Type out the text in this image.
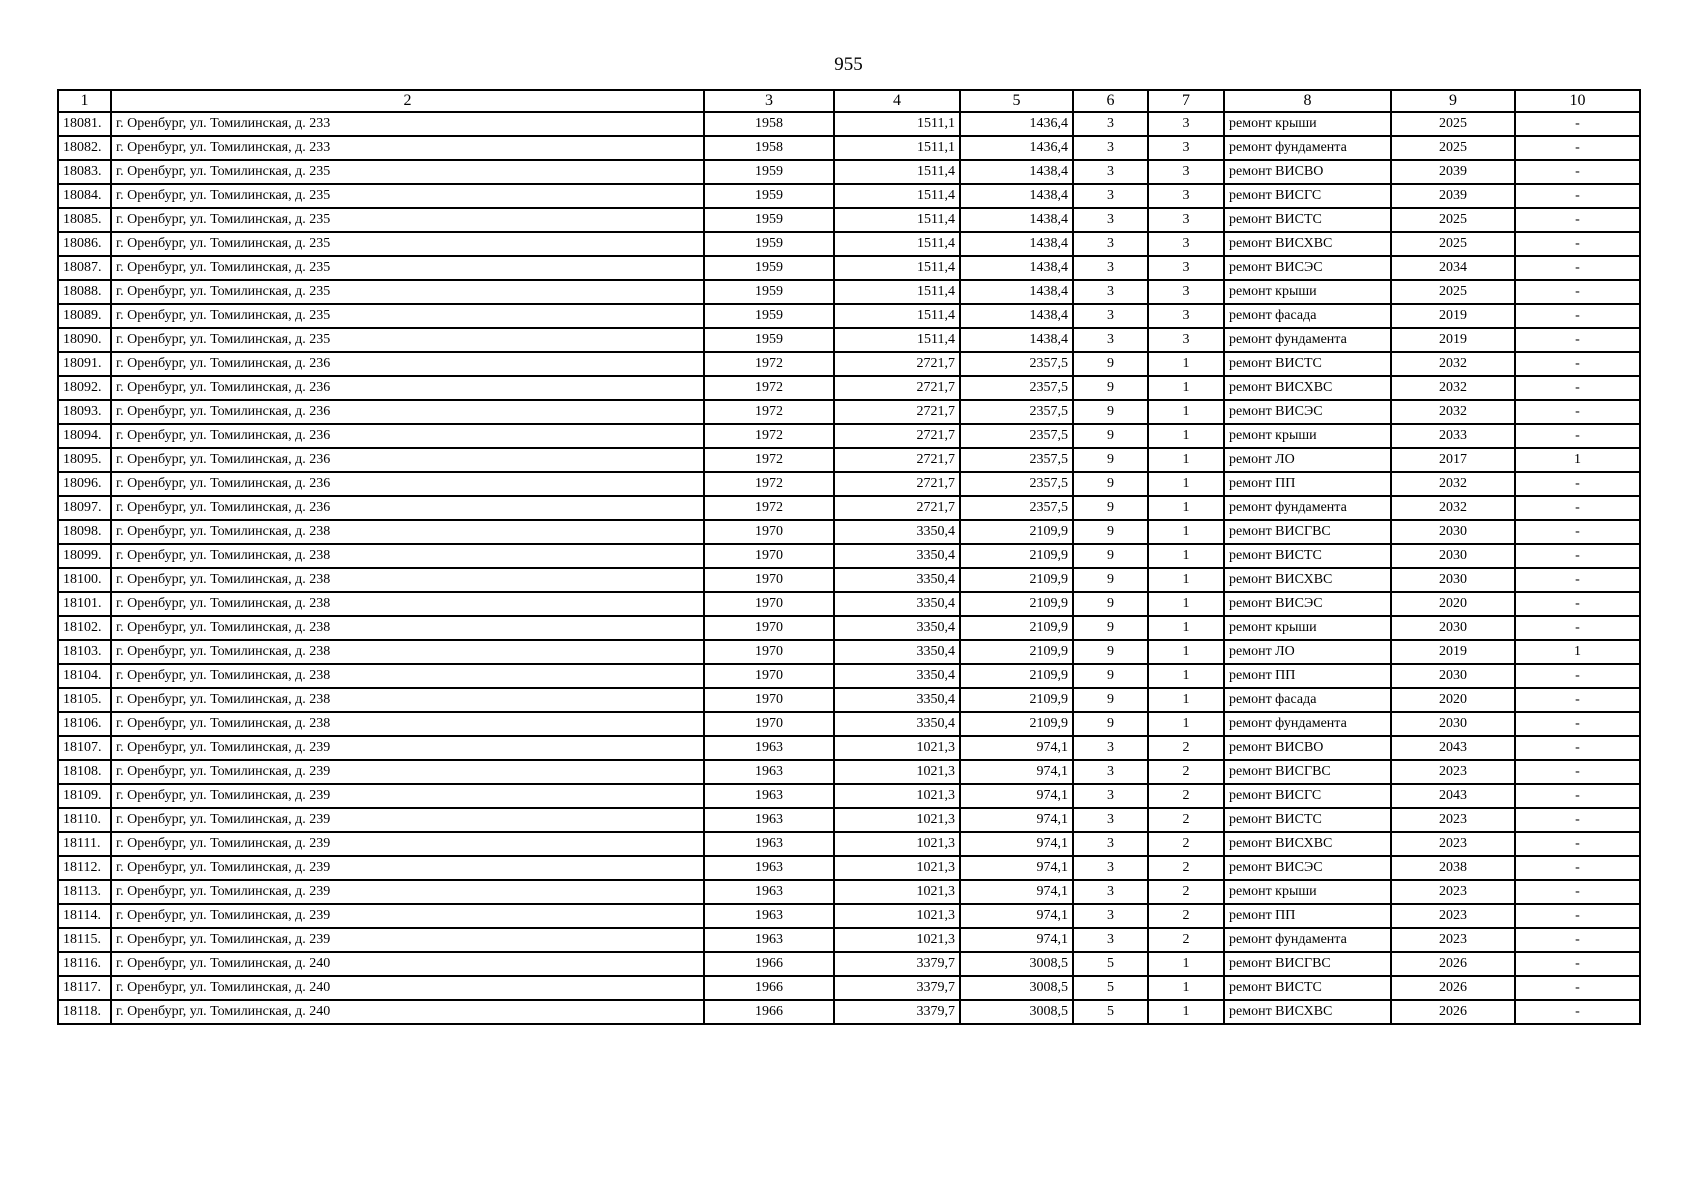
955
1	2	3	4	5	6	7	8	9	10
18081.	г. Оренбург, ул. Томилинская, д. 233	1958	1511,1	1436,4	3	3	ремонт крыши	2025	-
18082.	г. Оренбург, ул. Томилинская, д. 233	1958	1511,1	1436,4	3	3	ремонт фундамента	2025	-
18083.	г. Оренбург, ул. Томилинская, д. 235	1959	1511,4	1438,4	3	3	ремонт ВИСВО	2039	-
18084.	г. Оренбург, ул. Томилинская, д. 235	1959	1511,4	1438,4	3	3	ремонт ВИСГС	2039	-
18085.	г. Оренбург, ул. Томилинская, д. 235	1959	1511,4	1438,4	3	3	ремонт ВИСТС	2025	-
18086.	г. Оренбург, ул. Томилинская, д. 235	1959	1511,4	1438,4	3	3	ремонт ВИСХВС	2025	-
18087.	г. Оренбург, ул. Томилинская, д. 235	1959	1511,4	1438,4	3	3	ремонт ВИСЭС	2034	-
18088.	г. Оренбург, ул. Томилинская, д. 235	1959	1511,4	1438,4	3	3	ремонт крыши	2025	-
18089.	г. Оренбург, ул. Томилинская, д. 235	1959	1511,4	1438,4	3	3	ремонт фасада	2019	-
18090.	г. Оренбург, ул. Томилинская, д. 235	1959	1511,4	1438,4	3	3	ремонт фундамента	2019	-
18091.	г. Оренбург, ул. Томилинская, д. 236	1972	2721,7	2357,5	9	1	ремонт ВИСТС	2032	-
18092.	г. Оренбург, ул. Томилинская, д. 236	1972	2721,7	2357,5	9	1	ремонт ВИСХВС	2032	-
18093.	г. Оренбург, ул. Томилинская, д. 236	1972	2721,7	2357,5	9	1	ремонт ВИСЭС	2032	-
18094.	г. Оренбург, ул. Томилинская, д. 236	1972	2721,7	2357,5	9	1	ремонт крыши	2033	-
18095.	г. Оренбург, ул. Томилинская, д. 236	1972	2721,7	2357,5	9	1	ремонт ЛО	2017	1
18096.	г. Оренбург, ул. Томилинская, д. 236	1972	2721,7	2357,5	9	1	ремонт ПП	2032	-
18097.	г. Оренбург, ул. Томилинская, д. 236	1972	2721,7	2357,5	9	1	ремонт фундамента	2032	-
18098.	г. Оренбург, ул. Томилинская, д. 238	1970	3350,4	2109,9	9	1	ремонт ВИСГВС	2030	-
18099.	г. Оренбург, ул. Томилинская, д. 238	1970	3350,4	2109,9	9	1	ремонт ВИСТС	2030	-
18100.	г. Оренбург, ул. Томилинская, д. 238	1970	3350,4	2109,9	9	1	ремонт ВИСХВС	2030	-
18101.	г. Оренбург, ул. Томилинская, д. 238	1970	3350,4	2109,9	9	1	ремонт ВИСЭС	2020	-
18102.	г. Оренбург, ул. Томилинская, д. 238	1970	3350,4	2109,9	9	1	ремонт крыши	2030	-
18103.	г. Оренбург, ул. Томилинская, д. 238	1970	3350,4	2109,9	9	1	ремонт ЛО	2019	1
18104.	г. Оренбург, ул. Томилинская, д. 238	1970	3350,4	2109,9	9	1	ремонт ПП	2030	-
18105.	г. Оренбург, ул. Томилинская, д. 238	1970	3350,4	2109,9	9	1	ремонт фасада	2020	-
18106.	г. Оренбург, ул. Томилинская, д. 238	1970	3350,4	2109,9	9	1	ремонт фундамента	2030	-
18107.	г. Оренбург, ул. Томилинская, д. 239	1963	1021,3	974,1	3	2	ремонт ВИСВО	2043	-
18108.	г. Оренбург, ул. Томилинская, д. 239	1963	1021,3	974,1	3	2	ремонт ВИСГВС	2023	-
18109.	г. Оренбург, ул. Томилинская, д. 239	1963	1021,3	974,1	3	2	ремонт ВИСГС	2043	-
18110.	г. Оренбург, ул. Томилинская, д. 239	1963	1021,3	974,1	3	2	ремонт ВИСТС	2023	-
18111.	г. Оренбург, ул. Томилинская, д. 239	1963	1021,3	974,1	3	2	ремонт ВИСХВС	2023	-
18112.	г. Оренбург, ул. Томилинская, д. 239	1963	1021,3	974,1	3	2	ремонт ВИСЭС	2038	-
18113.	г. Оренбург, ул. Томилинская, д. 239	1963	1021,3	974,1	3	2	ремонт крыши	2023	-
18114.	г. Оренбург, ул. Томилинская, д. 239	1963	1021,3	974,1	3	2	ремонт ПП	2023	-
18115.	г. Оренбург, ул. Томилинская, д. 239	1963	1021,3	974,1	3	2	ремонт фундамента	2023	-
18116.	г. Оренбург, ул. Томилинская, д. 240	1966	3379,7	3008,5	5	1	ремонт ВИСГВС	2026	-
18117.	г. Оренбург, ул. Томилинская, д. 240	1966	3379,7	3008,5	5	1	ремонт ВИСТС	2026	-
18118.	г. Оренбург, ул. Томилинская, д. 240	1966	3379,7	3008,5	5	1	ремонт ВИСХВС	2026	-
